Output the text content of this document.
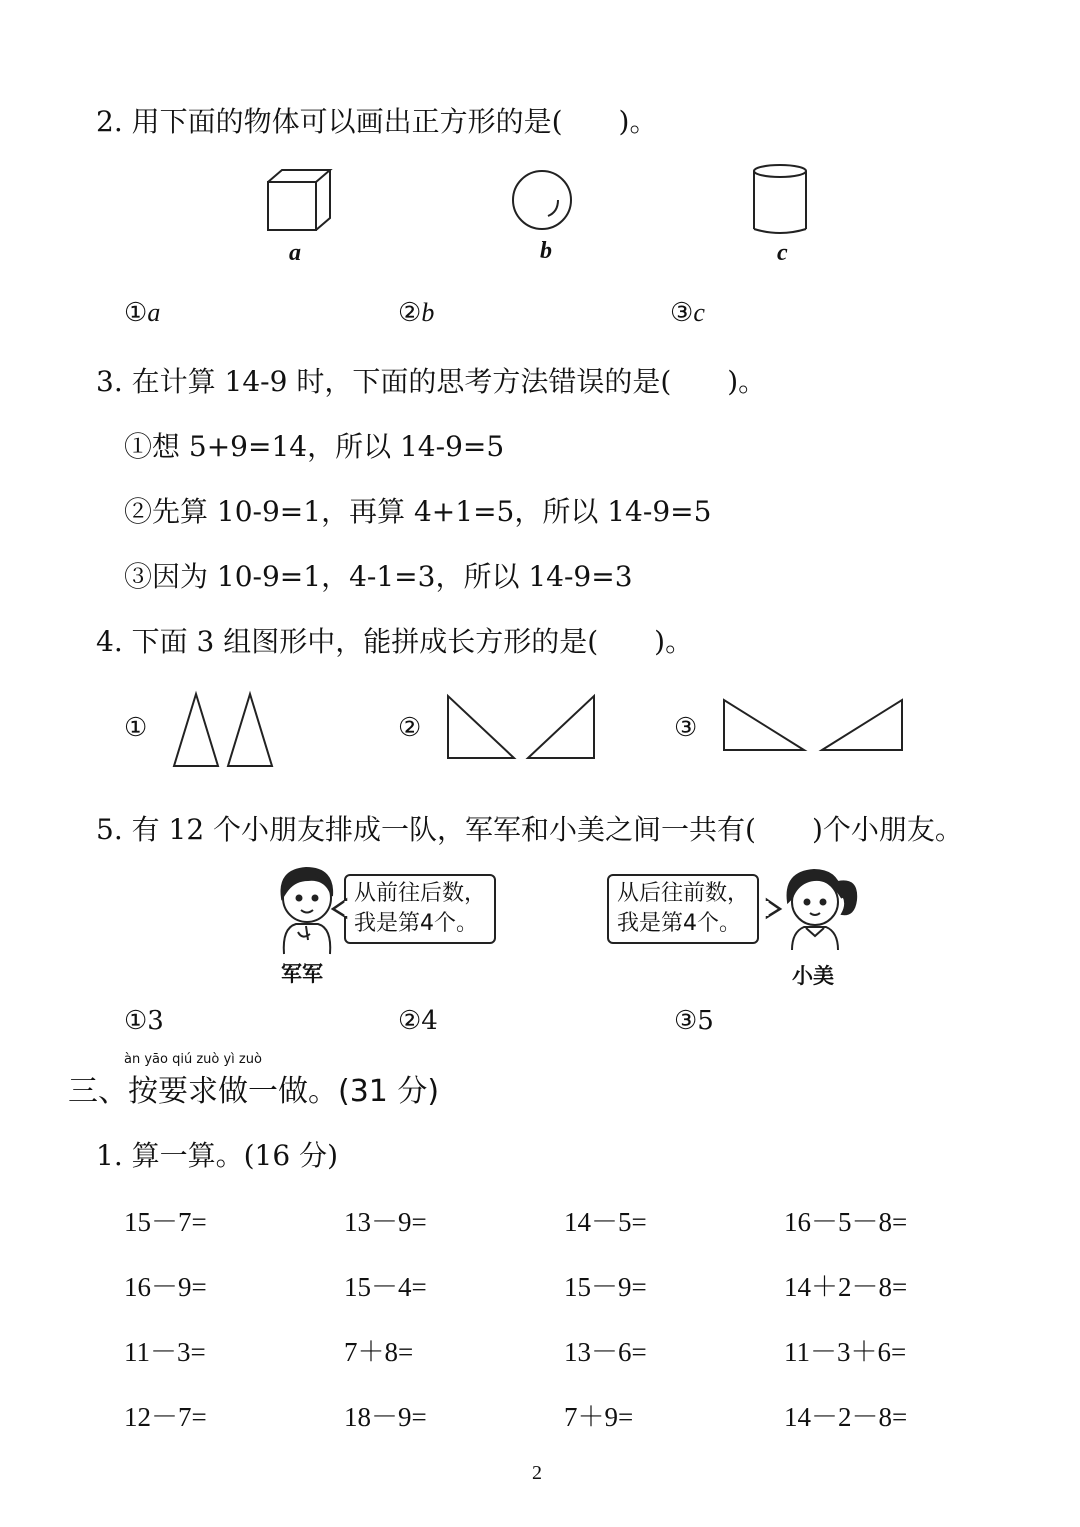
2. 用下面的物体可以画出正方形的是(　　)。
a	b	c
①a	②b	③c
3. 在计算 14-9 时，下面的思考方法错误的是(　　)。
①想 5+9=14，所以 14-9=5
②先算 10-9=1，再算 4+1=5，所以 14-9=5
③因为 10-9=1，4-1=3，所以 14-9=3
4. 下面 3 组图形中，能拼成长方形的是(　　)。
①	②	③
5. 有 12 个小朋友排成一队，军军和小美之间一共有(　　)个小朋友。
从前往后数，
我是第4个。
军军
从后往前数，
我是第4个。
小美
①3	②4	③5
àn yāo qiú zuò yì zuò
三、按要求做一做。(31 分)
1. 算一算。(16 分)
15－7=	13－9=	14－5=	16－5－8=
16－9=	15－4=	15－9=	14＋2－8=
11－3=	7＋8=	13－6=	11－3＋6=
12－7=	18－9=	7＋9=	14－2－8=
2
